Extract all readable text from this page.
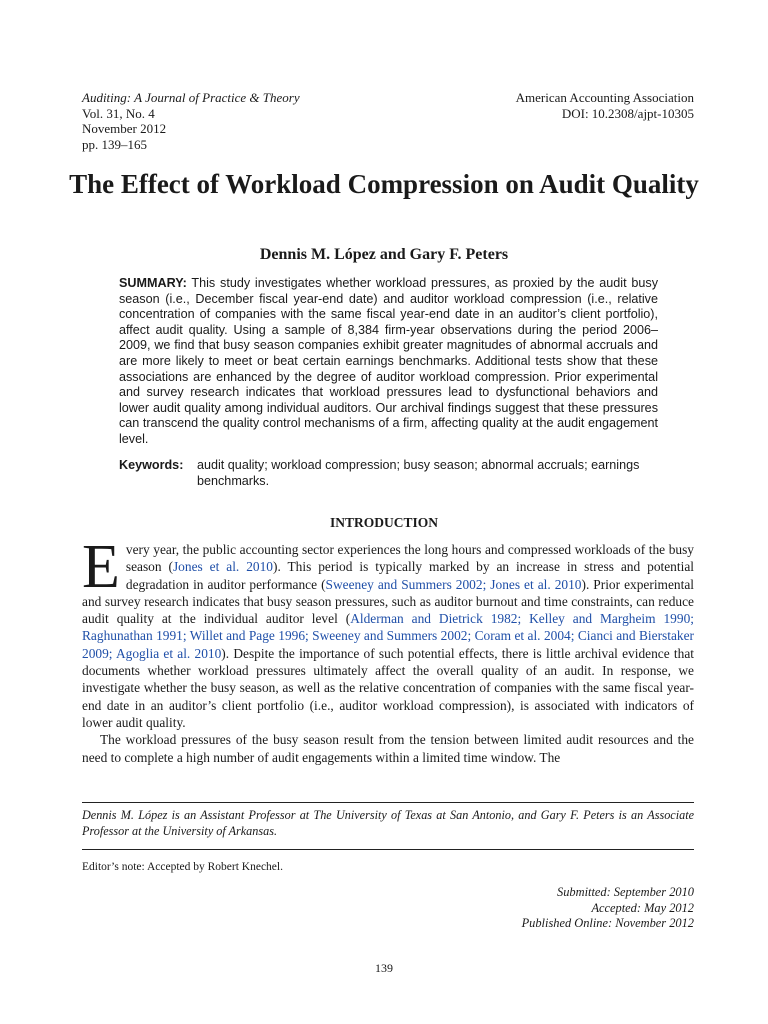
Auditing: A Journal of Practice & Theory
Vol. 31, No. 4
November 2012
pp. 139–165
American Accounting Association
DOI: 10.2308/ajpt-10305
The Effect of Workload Compression on Audit Quality
Dennis M. López and Gary F. Peters
SUMMARY: This study investigates whether workload pressures, as proxied by the audit busy season (i.e., December fiscal year-end date) and auditor workload compression (i.e., relative concentration of companies with the same fiscal year-end date in an auditor’s client portfolio), affect audit quality. Using a sample of 8,384 firm-year observations during the period 2006–2009, we find that busy season companies exhibit greater magnitudes of abnormal accruals and are more likely to meet or beat certain earnings benchmarks. Additional tests show that these associations are enhanced by the degree of auditor workload compression. Prior experimental and survey research indicates that workload pressures lead to dysfunctional behaviors and lower audit quality among individual auditors. Our archival findings suggest that these pressures can transcend the quality control mechanisms of a firm, affecting quality at the audit engagement level.
Keywords: audit quality; workload compression; busy season; abnormal accruals; earnings benchmarks.
INTRODUCTION

Every year, the public accounting sector experiences the long hours and compressed workloads of the busy season (Jones et al. 2010). This period is typically marked by an increase in stress and potential degradation in auditor performance (Sweeney and Summers 2002; Jones et al. 2010). Prior experimental and survey research indicates that busy season pressures, such as auditor burnout and time constraints, can reduce audit quality at the individual auditor level (Alderman and Dietrick 1982; Kelley and Margheim 1990; Raghunathan 1991; Willet and Page 1996; Sweeney and Summers 2002; Coram et al. 2004; Cianci and Bierstaker 2009; Agoglia et al. 2010). Despite the importance of such potential effects, there is little archival evidence that documents whether workload pressures ultimately affect the overall quality of an audit. In response, we investigate whether the busy season, as well as the relative concentration of companies with the same fiscal year-end date in an auditor’s client portfolio (i.e., auditor workload compression), is associated with indicators of lower audit quality.

The workload pressures of the busy season result from the tension between limited audit resources and the need to complete a high number of audit engagements within a limited time window. The

Dennis M. López is an Assistant Professor at The University of Texas at San Antonio, and Gary F. Peters is an Associate Professor at the University of Arkansas.
Editor’s note: Accepted by Robert Knechel.
Submitted: September 2010
Accepted: May 2012
Published Online: November 2012
139
